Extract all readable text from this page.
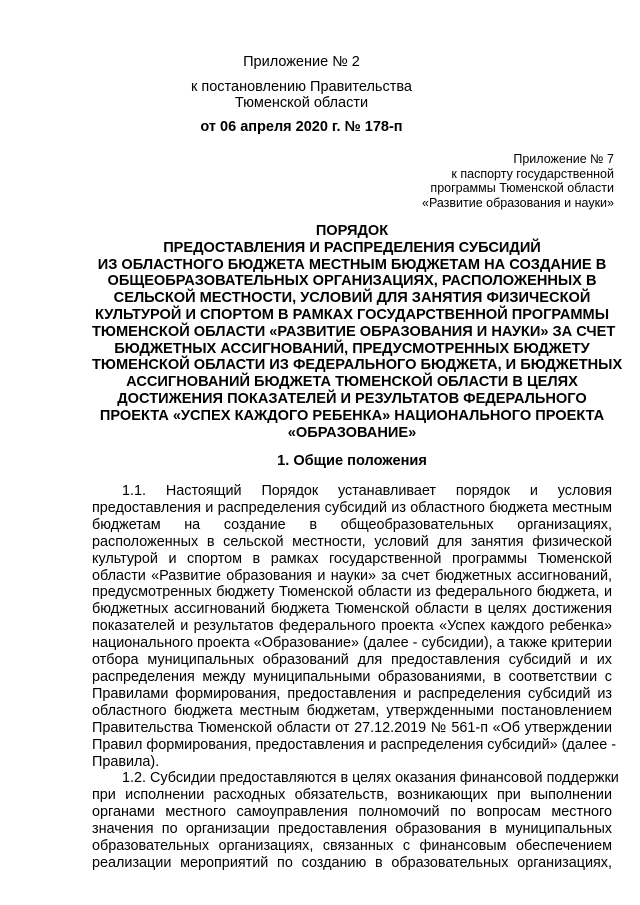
Приложение № 2
к постановлению Правительства
Тюменской области
от 06 апреля 2020 г. № 178-п
Приложение № 7
к паспорту государственной
программы Тюменской области
«Развитие образования и науки»
ПОРЯДОК
ПРЕДОСТАВЛЕНИЯ И РАСПРЕДЕЛЕНИЯ СУБСИДИЙ
ИЗ ОБЛАСТНОГО БЮДЖЕТА МЕСТНЫМ БЮДЖЕТАМ НА СОЗДАНИЕ В
ОБЩЕОБРАЗОВАТЕЛЬНЫХ ОРГАНИЗАЦИЯХ, РАСПОЛОЖЕННЫХ В
СЕЛЬСКОЙ МЕСТНОСТИ, УСЛОВИЙ ДЛЯ ЗАНЯТИЯ ФИЗИЧЕСКОЙ
КУЛЬТУРОЙ И СПОРТОМ В РАМКАХ ГОСУДАРСТВЕННОЙ ПРОГРАММЫ
ТЮМЕНСКОЙ ОБЛАСТИ «РАЗВИТИЕ ОБРАЗОВАНИЯ И НАУКИ» ЗА СЧЕТ
БЮДЖЕТНЫХ АССИГНОВАНИЙ, ПРЕДУСМОТРЕННЫХ БЮДЖЕТУ
ТЮМЕНСКОЙ ОБЛАСТИ ИЗ ФЕДЕРАЛЬНОГО БЮДЖЕТА, И БЮДЖЕТНЫХ
АССИГНОВАНИЙ БЮДЖЕТА ТЮМЕНСКОЙ ОБЛАСТИ В ЦЕЛЯХ
ДОСТИЖЕНИЯ ПОКАЗАТЕЛЕЙ И РЕЗУЛЬТАТОВ ФЕДЕРАЛЬНОГО
ПРОЕКТА «УСПЕХ КАЖДОГО РЕБЕНКА» НАЦИОНАЛЬНОГО ПРОЕКТА
«ОБРАЗОВАНИЕ»
1. Общие положения
1.1. Настоящий Порядок устанавливает порядок и условия
предоставления и распределения субсидий из областного бюджета местным
бюджетам на создание в общеобразовательных организациях,
расположенных в сельской местности, условий для занятия физической
культурой и спортом в рамках государственной программы Тюменской
области «Развитие образования и науки» за счет бюджетных ассигнований,
предусмотренных бюджету Тюменской области из федерального бюджета, и
бюджетных ассигнований бюджета Тюменской области в целях достижения
показателей и результатов федерального проекта «Успех каждого ребенка»
национального проекта «Образование» (далее - субсидии), а также критерии
отбора муниципальных образований для предоставления субсидий и их
распределения между муниципальными образованиями, в соответствии с
Правилами формирования, предоставления и распределения субсидий из
областного бюджета местным бюджетам, утвержденными постановлением
Правительства Тюменской области от 27.12.2019 № 561-п «Об утверждении
Правил формирования, предоставления и распределения субсидий» (далее -
Правила).
1.2. Субсидии предоставляются в целях оказания финансовой поддержки
при исполнении расходных обязательств, возникающих при выполнении
органами местного самоуправления полномочий по вопросам местного
значения по организации предоставления образования в муниципальных
образовательных организациях, связанных с финансовым обеспечением
реализации мероприятий по созданию в образовательных организациях,
